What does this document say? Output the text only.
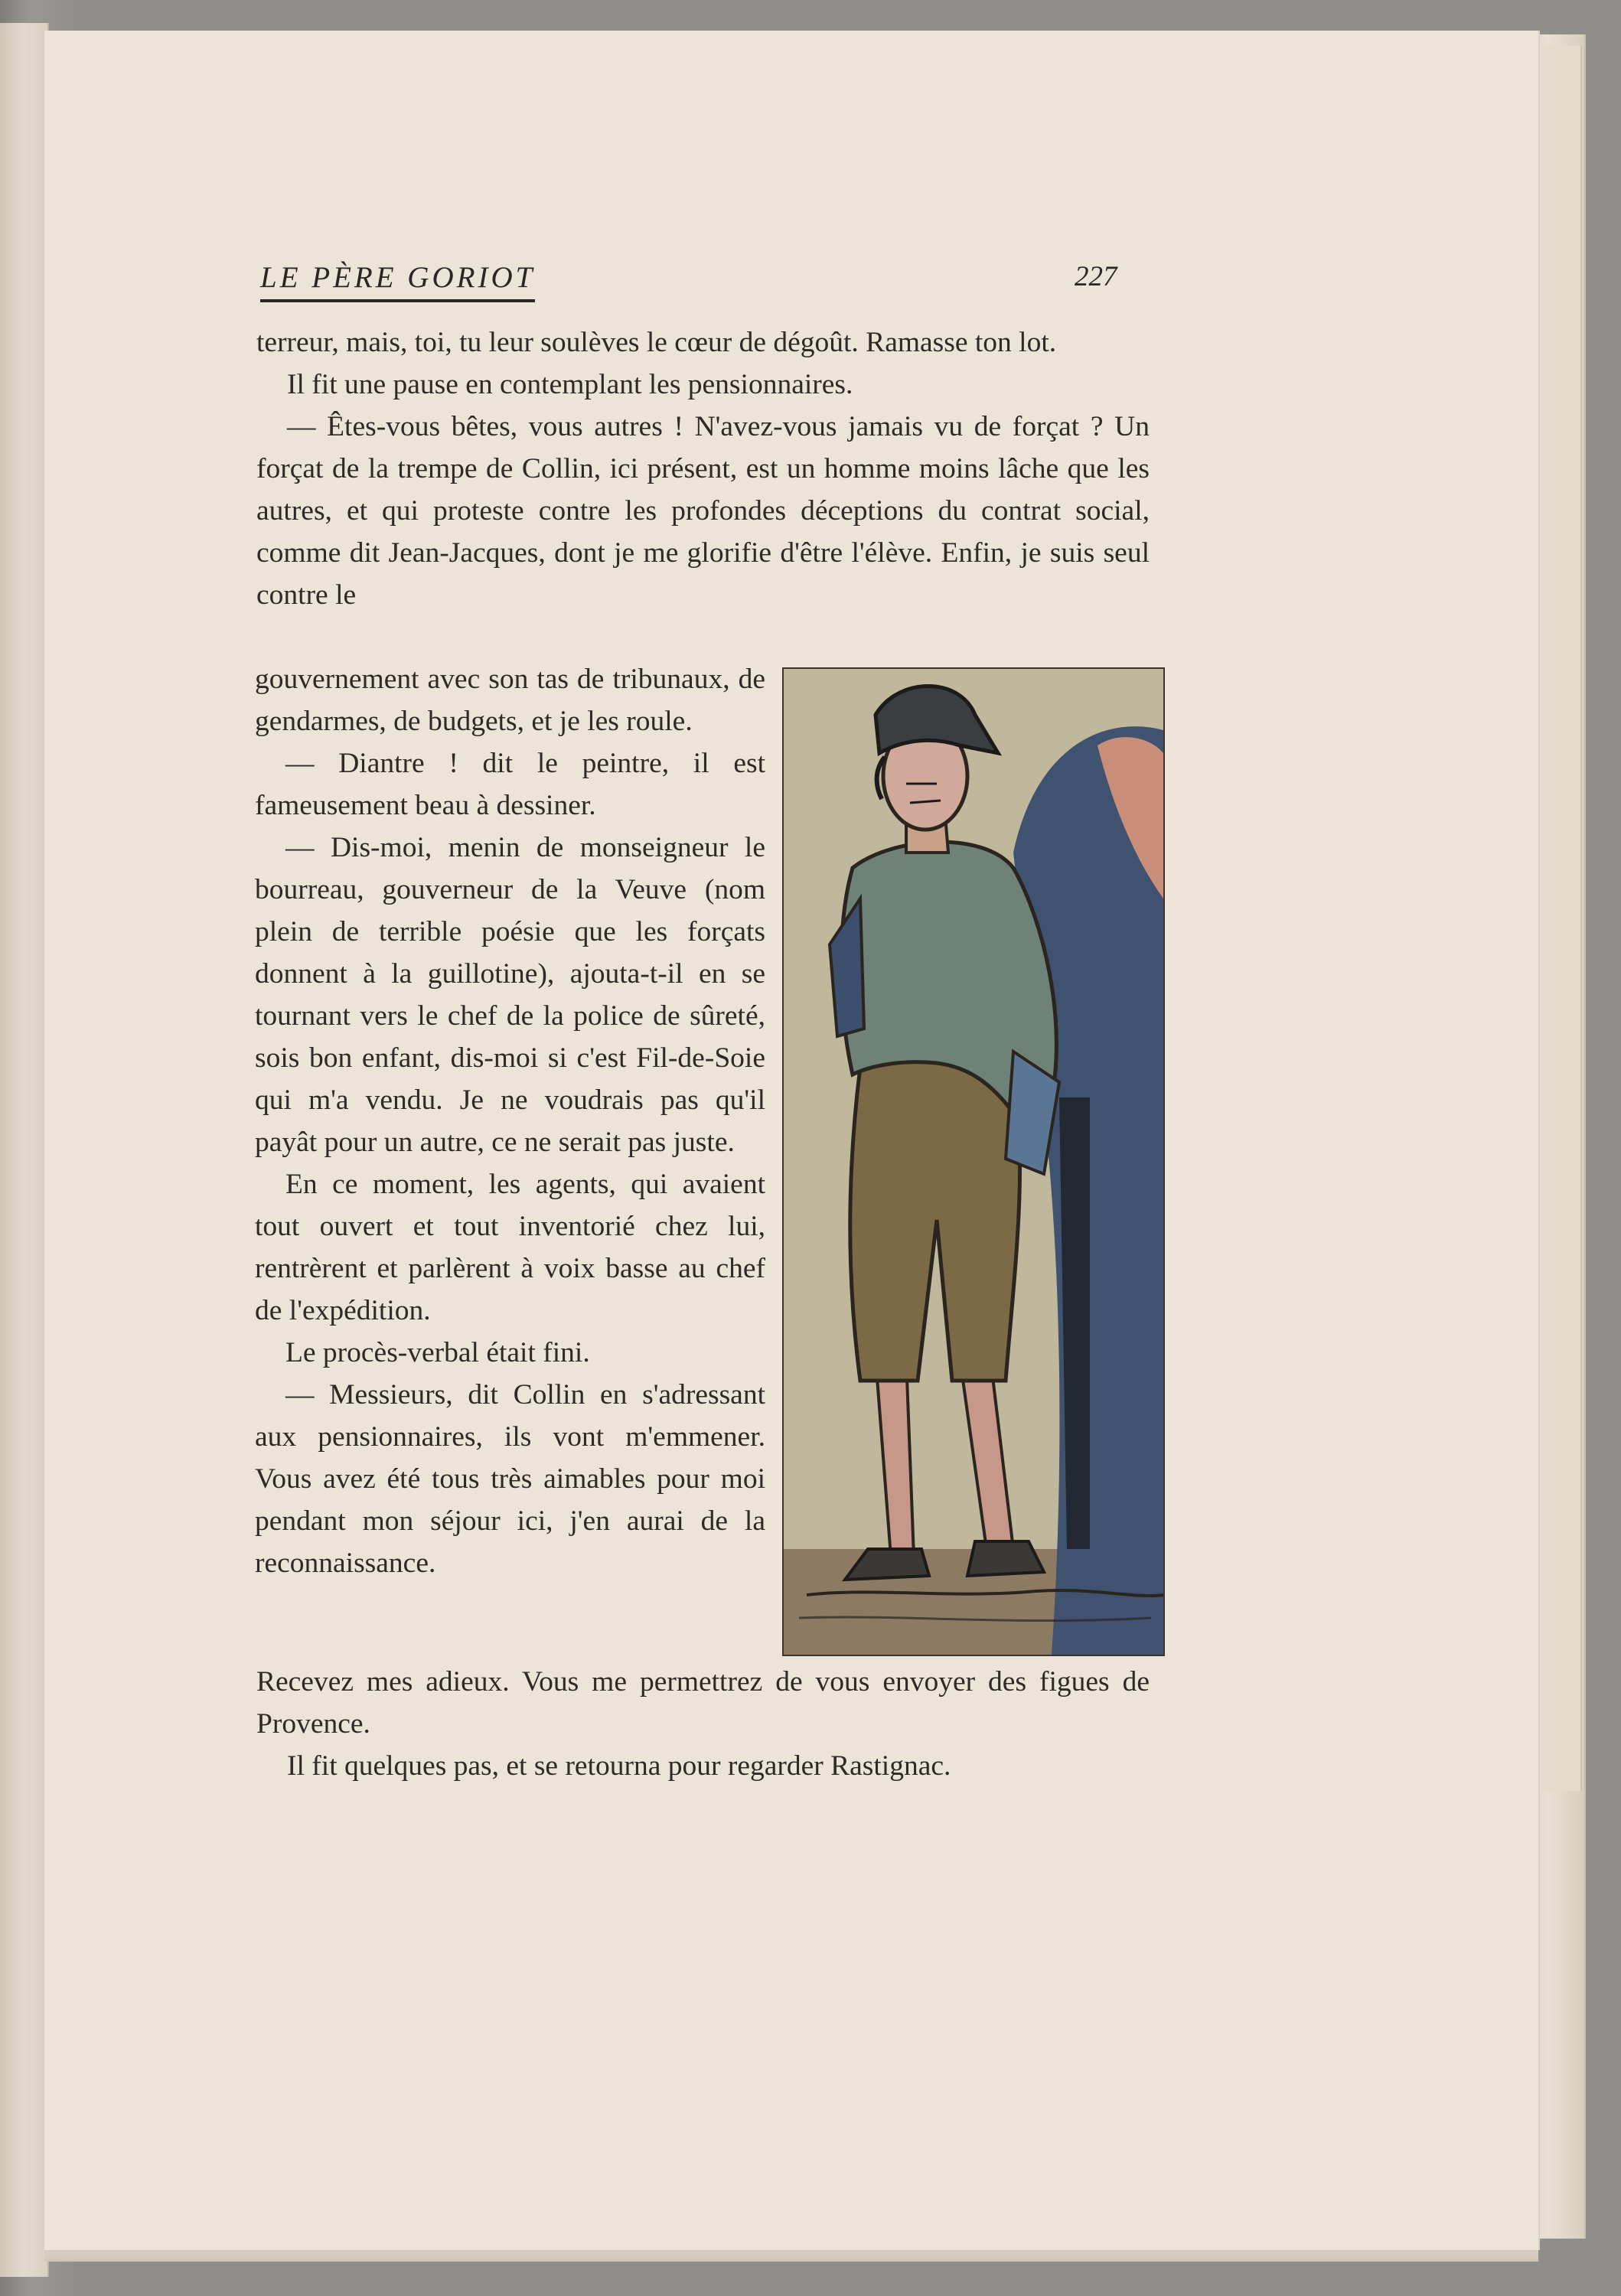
LE PÈRE GORIOT	227

terreur, mais, toi, tu leur soulèves le cœur de dégoût. Ramasse ton lot.

Il fit une pause en contemplant les pensionnaires.

— Êtes-vous bêtes, vous autres ! N'avez-vous jamais vu de forçat ? Un forçat de la trempe de Collin, ici présent, est un homme moins lâche que les autres, et qui proteste contre les profondes déceptions du contrat social, comme dit Jean-Jacques, dont je me glorifie d'être l'élève. Enfin, je suis seul contre le

gouvernement avec son tas de tribunaux, de gendarmes, de budgets, et je les roule.

— Diantre ! dit le peintre, il est fameusement beau à dessiner.

— Dis-moi, menin de monseigneur le bourreau, gouverneur de la Veuve (nom plein de terrible poésie que les forçats donnent à la guillotine), ajouta-t-il en se tournant vers le chef de la police de sûreté, sois bon enfant, dis-moi si c'est Fil-de-Soie qui m'a vendu. Je ne voudrais pas qu'il payât pour un autre, ce ne serait pas juste.

En ce moment, les agents, qui avaient tout ouvert et tout inventorié chez lui, rentrèrent et parlèrent à voix basse au chef de l'expédition.

Le procès-verbal était fini.

— Messieurs, dit Collin en s'adressant aux pensionnaires, ils vont m'emmener. Vous avez été tous très aimables pour moi pendant mon séjour ici, j'en aurai de la reconnaissance.

Recevez mes adieux. Vous me permettrez de vous envoyer des figues de Provence.

Il fit quelques pas, et se retourna pour regarder Rastignac.
